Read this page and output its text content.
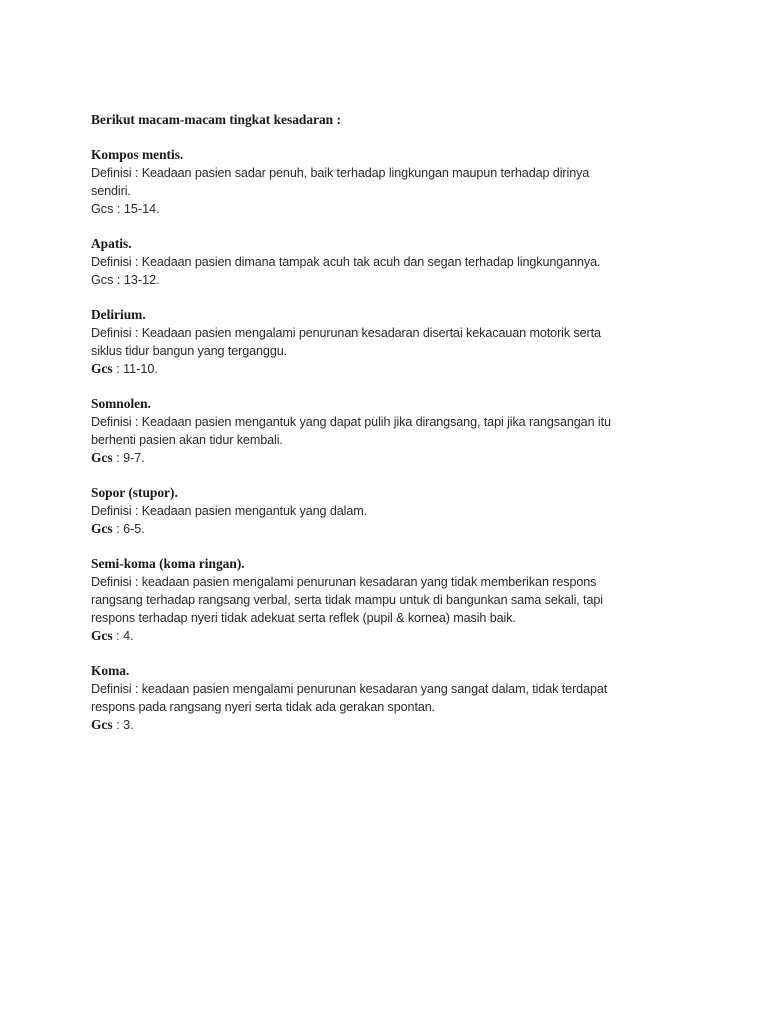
Berikut macam-macam tingkat kesadaran :
Kompos mentis.
Definisi : Keadaan pasien sadar penuh, baik terhadap lingkungan maupun terhadap dirinya
sendiri.
Gcs : 15-14.
Apatis.
Definisi : Keadaan pasien dimana tampak acuh tak acuh dan segan terhadap lingkungannya.
Gcs : 13-12.
Delirium.
Definisi : Keadaan pasien mengalami penurunan kesadaran disertai kekacauan motorik serta
siklus tidur bangun yang terganggu.
Gcs : 11-10.
Somnolen.
Definisi : Keadaan pasien mengantuk yang dapat pulih jika dirangsang, tapi jika rangsangan itu
berhenti pasien akan tidur kembali.
Gcs : 9-7.
Sopor (stupor).
Definisi : Keadaan pasien mengantuk yang dalam.
Gcs : 6-5.
Semi-koma (koma ringan).
Definisi : keadaan pasien mengalami penurunan kesadaran yang tidak memberikan respons
rangsang terhadap rangsang verbal, serta tidak mampu untuk di bangunkan sama sekali, tapi
respons terhadap nyeri tidak adekuat serta reflek (pupil & kornea) masih baik.
Gcs : 4.
Koma.
Definisi : keadaan pasien mengalami penurunan kesadaran yang sangat dalam, tidak terdapat
respons pada rangsang nyeri serta tidak ada gerakan spontan.
Gcs : 3.
